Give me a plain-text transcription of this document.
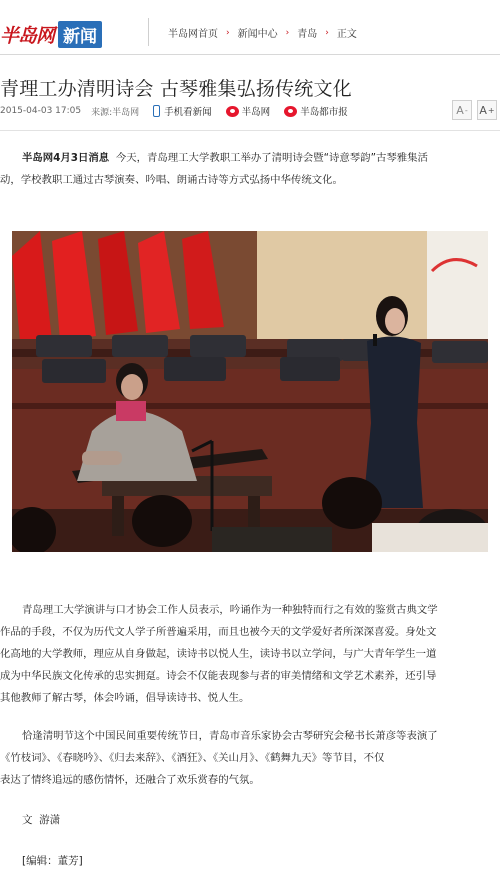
半岛网 新闻	半岛网首页 › 新闻中心 › 青岛 › 正文
青理工办清明诗会 古琴雅集弘扬传统文化
2015-04-03 17:05 来源:半岛网	手机看新闻	半岛网	半岛都市报	A - A +
半岛网4月3日消息 今天，青岛理工大学教职工举办了清明诗会暨“诗意琴韵”古琴雅集活
动，学校教职工通过古琴演奏、吟唱、朗诵古诗等方式弘扬中华传统文化。
青岛理工大学演讲与口才协会工作人员表示，吟诵作为一种独特而行之有效的鉴赏古典文学
作品的手段，不仅为历代文人学子所普遍采用，而且也被今天的文学爱好者所深深喜爱。身处文
化高地的大学教师，理应从自身做起，读诗书以悦人生，读诗书以立学问，与广大青年学生一道
成为中华民族文化传承的忠实拥趸。诗会不仅能表现参与者的审美情绪和文学艺术素养，还引导
其他教师了解古琴，体会吟诵，倡导读诗书、悦人生。
恰逢清明节这个中国民间重要传统节日，青岛市音乐家协会古琴研究会秘书长萧彦等表演了
《竹枝词》、《春晓吟》、《归去来辞》、《酒狂》、《关山月》、《鹤舞九天》等节目，不仅
表达了情终追远的感伤情怀，还融合了欢乐赏春的气氛。
文  游潇
[编辑：董芳]
